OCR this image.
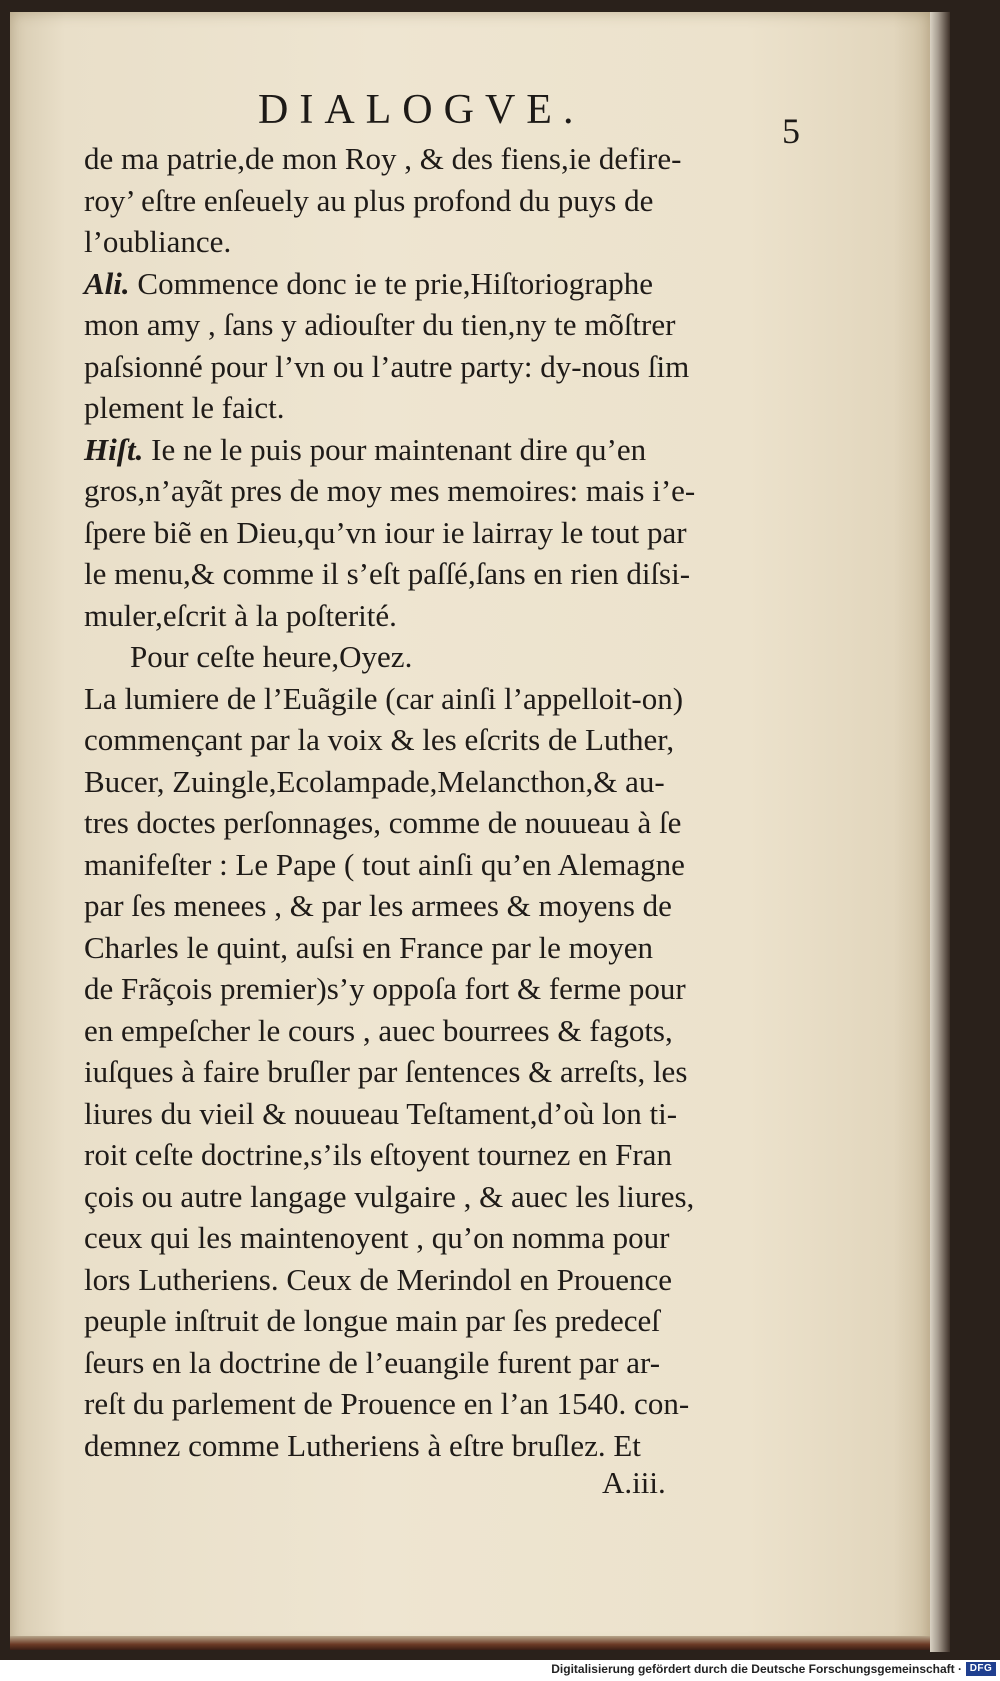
DIALOGVE.	5
de ma patrie,de mon Roy , & des fiens,ie defire-
roy’ eſtre enſeuely au plus profond du puys de
l’oubliance.
Ali. Commence donc ie te prie,Hiſtoriographe
mon amy , ſans y adiouſter du tien,ny te mõſtrer
paſsionné pour l’vn ou l’autre party: dy-nous ſim
plement le faict.
Hiſt. Ie ne le puis pour maintenant dire qu’en
gros,n’ayãt pres de moy mes memoires: mais i’e-
ſpere biẽ en Dieu,qu’vn iour ie lairray le tout par
le menu,& comme il s’eſt paſſé,ſans en rien diſsi-
muler,eſcrit à la poſterité.
Pour ceſte heure,Oyez.
La lumiere de l’Euãgile (car ainſi l’appelloit-on)
commençant par la voix & les eſcrits de Luther,
Bucer, Zuingle,Ecolampade,Melancthon,& au-
tres doctes perſonnages, comme de nouueau à ſe
manifeſter : Le Pape ( tout ainſi qu’en Alemagne
par ſes menees , & par les armees & moyens de
Charles le quint, auſsi en France par le moyen
de Frãçois premier)s’y oppoſa fort & ferme pour
en empeſcher le cours , auec bourrees & fagots,
iuſques à faire bruſler par ſentences & arreſts, les
liures du vieil & nouueau Teſtament,d’où lon ti-
roit ceſte doctrine,s’ils eſtoyent tournez en Fran
çois ou autre langage vulgaire , & auec les liures,
ceux qui les maintenoyent , qu’on nomma pour
lors Lutheriens. Ceux de Merindol en Prouence
peuple inſtruit de longue main par ſes predeceſ
ſeurs en la doctrine de l’euangile furent par ar-
reſt du parlement de Prouence en l’an 1540. con-
demnez comme Lutheriens à eſtre bruſlez. Et
A.iii.
Digitalisierung gefördert durch die Deutsche Forschungsgemeinschaft · DFG
